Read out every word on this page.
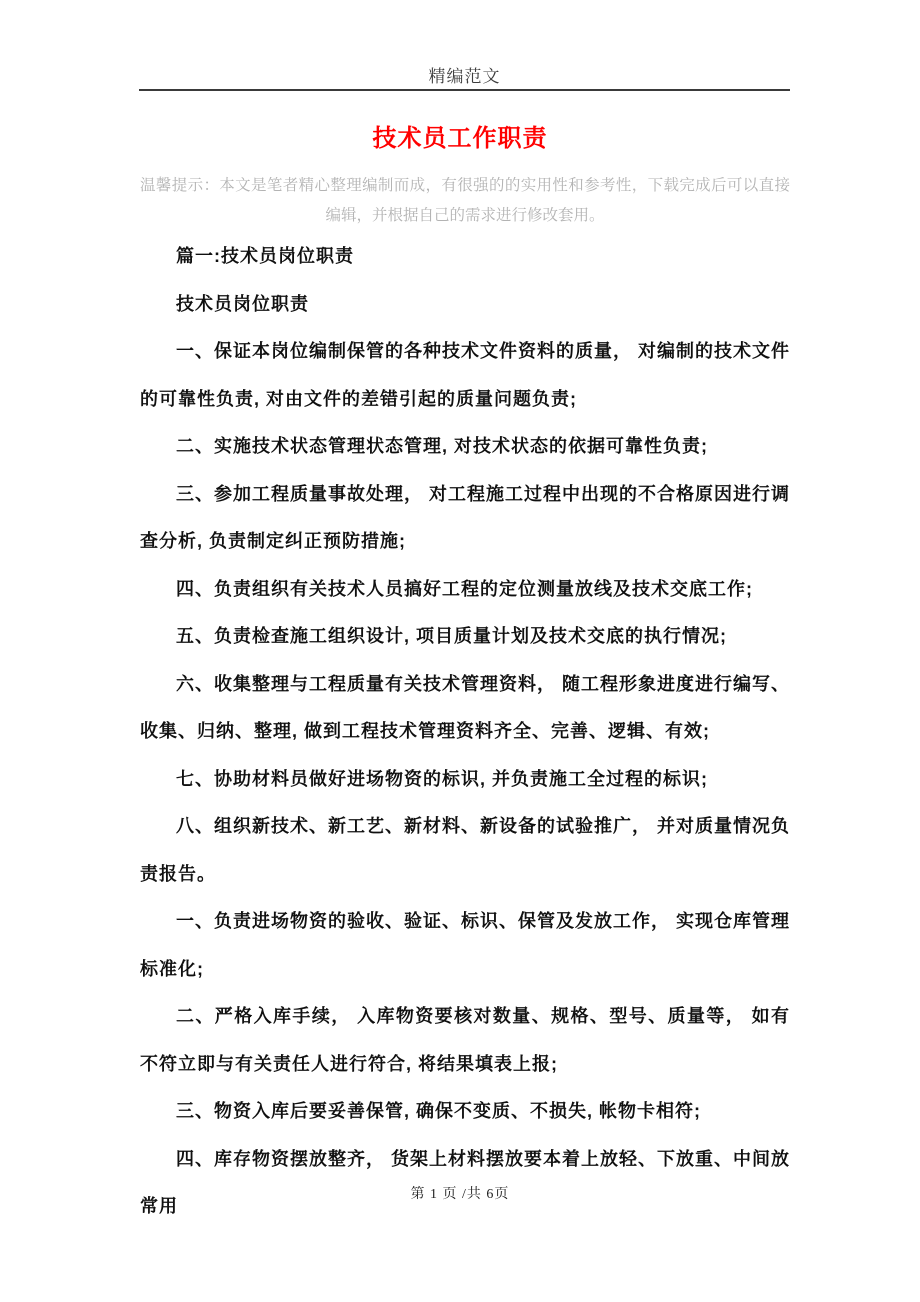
精编范文
技术员工作职责

温馨提示：本文是笔者精心整理编制而成，有很强的的实用性和参考性，下载完成后可以直接编辑，并根据自己的需求进行修改套用。

篇一:技术员岗位职责

技术员岗位职责

一、保证本岗位编制保管的各种技术文件资料的质量， 对编制的技术文件的可靠性负责, 对由文件的差错引起的质量问题负责;

二、实施技术状态管理状态管理, 对技术状态的依据可靠性负责;

三、参加工程质量事故处理， 对工程施工过程中出现的不合格原因进行调查分析, 负责制定纠正预防措施;

四、负责组织有关技术人员搞好工程的定位测量放线及技术交底工作;

五、负责检查施工组织设计, 项目质量计划及技术交底的执行情况;

六、收集整理与工程质量有关技术管理资料， 随工程形象进度进行编写、收集、归纳、整理, 做到工程技术管理资料齐全、完善、逻辑、有效;

七、协助材料员做好进场物资的标识, 并负责施工全过程的标识;

八、组织新技术、新工艺、新材料、新设备的试验推广， 并对质量情况负责报告。

一、负责进场物资的验收、验证、标识、保管及发放工作， 实现仓库管理标准化;

二、严格入库手续， 入库物资要核对数量、规格、型号、质量等， 如有不符立即与有关责任人进行符合, 将结果填表上报;

三、物资入库后要妥善保管, 确保不变质、不损失, 帐物卡相符;

四、库存物资摆放整齐， 货架上材料摆放要本着上放轻、下放重、中间放常用

第 1 页 /共 6页
